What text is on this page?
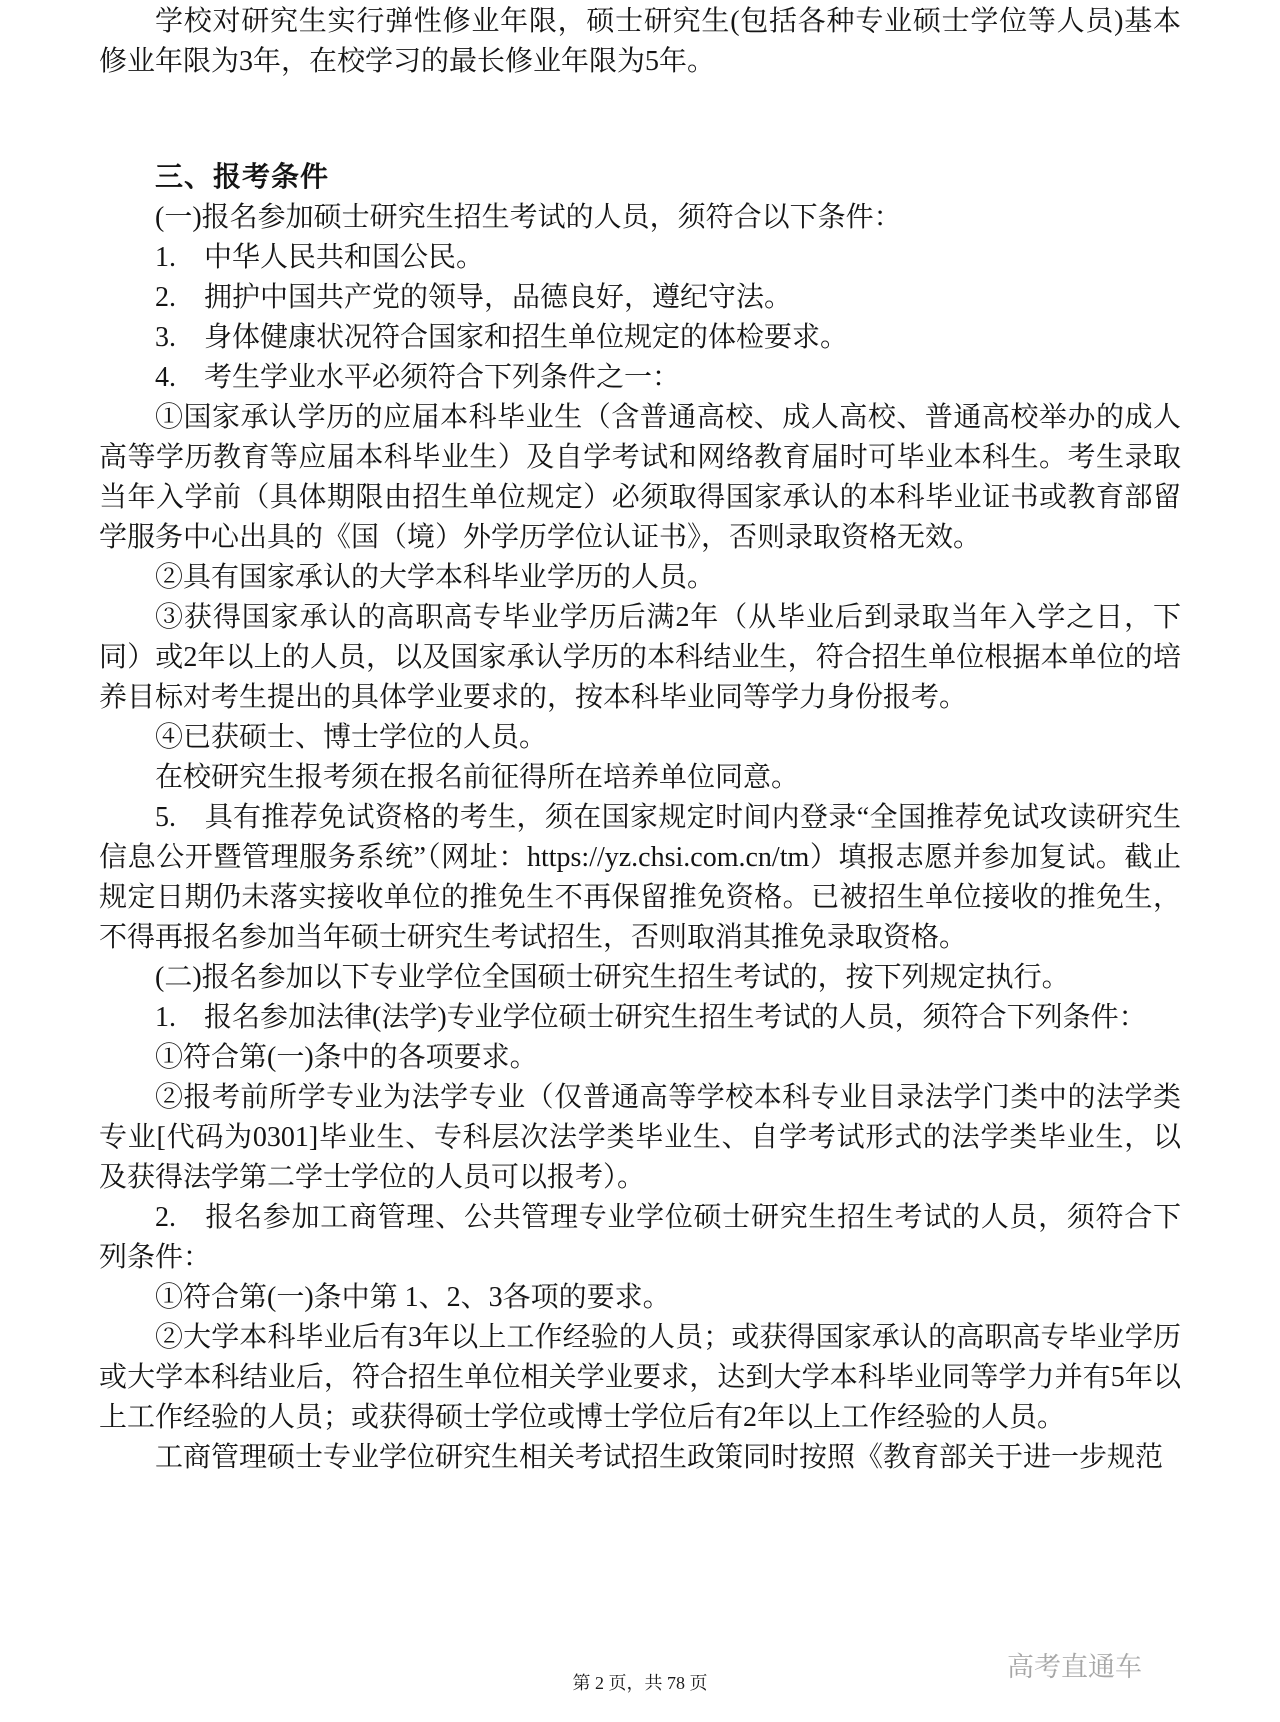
学校对研究生实行弹性修业年限，硕士研究生(包括各种专业硕士学位等人员)基本修业年限为3年，在校学习的最长修业年限为5年。

三、报考条件

(一)报名参加硕士研究生招生考试的人员，须符合以下条件：

1.　中华人民共和国公民。

2.　拥护中国共产党的领导，品德良好，遵纪守法。

3.　身体健康状况符合国家和招生单位规定的体检要求。

4.　考生学业水平必须符合下列条件之一：

①国家承认学历的应届本科毕业生（含普通高校、成人高校、普通高校举办的成人高等学历教育等应届本科毕业生）及自学考试和网络教育届时可毕业本科生。考生录取当年入学前（具体期限由招生单位规定）必须取得国家承认的本科毕业证书或教育部留学服务中心出具的《国（境）外学历学位认证书》，否则录取资格无效。

②具有国家承认的大学本科毕业学历的人员。

③获得国家承认的高职高专毕业学历后满2年（从毕业后到录取当年入学之日，下同）或2年以上的人员，以及国家承认学历的本科结业生，符合招生单位根据本单位的培养目标对考生提出的具体学业要求的，按本科毕业同等学力身份报考。

④已获硕士、博士学位的人员。

在校研究生报考须在报名前征得所在培养单位同意。

5.　具有推荐免试资格的考生，须在国家规定时间内登录“全国推荐免试攻读研究生信息公开暨管理服务系统”（网址：https://yz.chsi.com.cn/tm）填报志愿并参加复试。截止规定日期仍未落实接收单位的推免生不再保留推免资格。已被招生单位接收的推免生，不得再报名参加当年硕士研究生考试招生，否则取消其推免录取资格。

(二)报名参加以下专业学位全国硕士研究生招生考试的，按下列规定执行。

1.　报名参加法律(法学)专业学位硕士研究生招生考试的人员，须符合下列条件：

①符合第(一)条中的各项要求。

②报考前所学专业为法学专业（仅普通高等学校本科专业目录法学门类中的法学类专业[代码为0301]毕业生、专科层次法学类毕业生、自学考试形式的法学类毕业生，以及获得法学第二学士学位的人员可以报考）。

2.　报名参加工商管理、公共管理专业学位硕士研究生招生考试的人员，须符合下列条件：

①符合第(一)条中第 1、2、3各项的要求。

②大学本科毕业后有3年以上工作经验的人员；或获得国家承认的高职高专毕业学历或大学本科结业后，符合招生单位相关学业要求，达到大学本科毕业同等学力并有5年以上工作经验的人员；或获得硕士学位或博士学位后有2年以上工作经验的人员。

工商管理硕士专业学位研究生相关考试招生政策同时按照《教育部关于进一步规范

第 2 页，共 78 页
高考直通车
